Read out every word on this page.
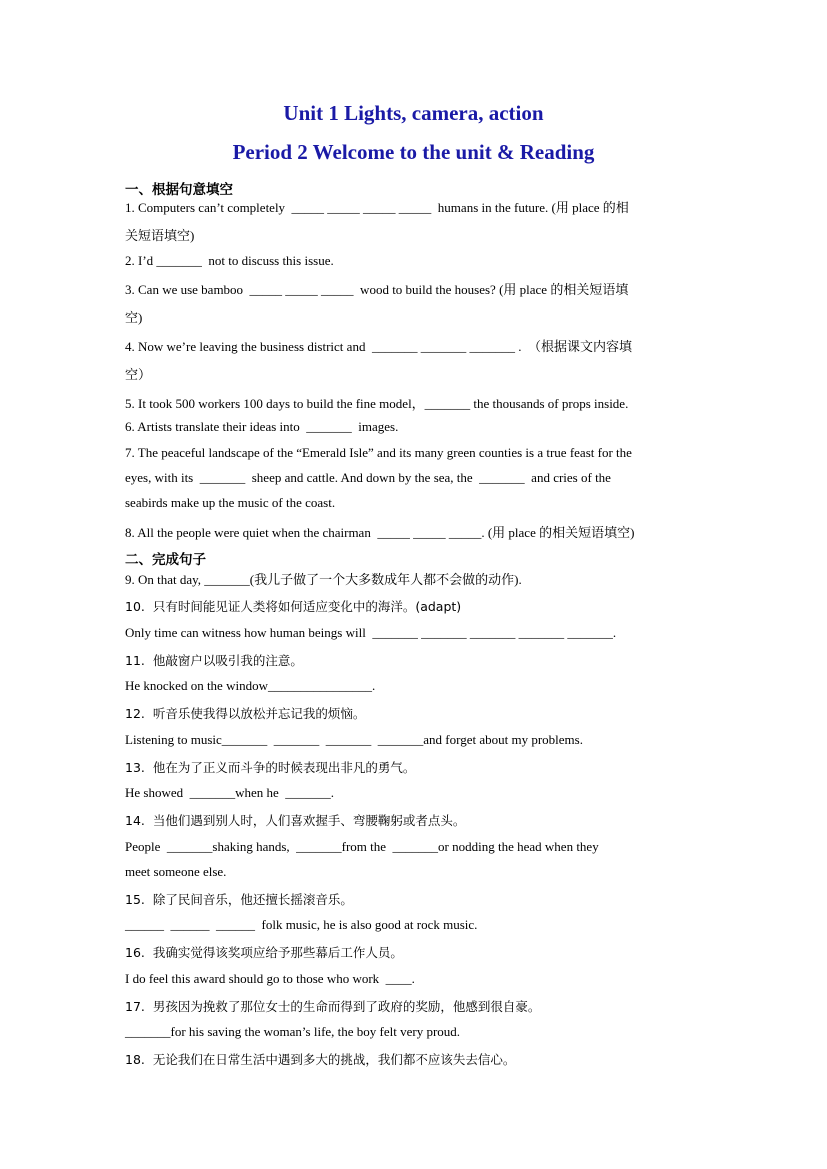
Unit 1 Lights, camera, action
Period 2 Welcome to the unit & Reading
一、根据句意填空
1. Computers can’t completely  _____ _____ _____ _____  humans in the future. (用 place 的相
关短语填空)
2. I’d _______  not to discuss this issue.
3. Can we use bamboo  _____ _____ _____  wood to build the houses? (用 place 的相关短语填
空)
4. Now we’re leaving the business district and  _______ _______ _______ .  （根据课文内容填
空）
5. It took 500 workers 100 days to build the fine model，_______ the thousands of props inside.
6. Artists translate their ideas into  _______  images.
7. The peaceful landscape of the “Emerald Isle” and its many green counties is a true feast for the
eyes, with its  _______  sheep and cattle. And down by the sea, the  _______  and cries of the
seabirds make up the music of the coast.
8. All the people were quiet when the chairman  _____ _____ _____. (用 place 的相关短语填空)
二、完成句子
9. On that day, _______(我儿子做了一个大多数成年人都不会做的动作).
10.  只有时间能见证人类将如何适应变化中的海洋。(adapt)
Only time can witness how human beings will  _______ _______ _______ _______ _______.
11.  他敲窗户以吸引我的注意。
He knocked on the window________________.
12.  听音乐使我得以放松并忘记我的烦恼。
Listening to music_______  _______  _______  _______and forget about my problems.
13.  他在为了正义而斗争的时候表现出非凡的勇气。
He showed  _______when he  _______.
14.  当他们遇到别人时，人们喜欢握手、弯腰鞠躬或者点头。
People  _______shaking hands,  _______from the  _______or nodding the head when they
meet someone else.
15.  除了民间音乐，他还擅长摇滚音乐。
______  ______  ______  folk music, he is also good at rock music.
16.  我确实觉得该奖项应给予那些幕后工作人员。
I do feel this award should go to those who work  ____.
17.  男孩因为挽救了那位女士的生命而得到了政府的奖励，他感到很自豪。
_______for his saving the woman’s life, the boy felt very proud.
18.  无论我们在日常生活中遇到多大的挑战，我们都不应该失去信心。
